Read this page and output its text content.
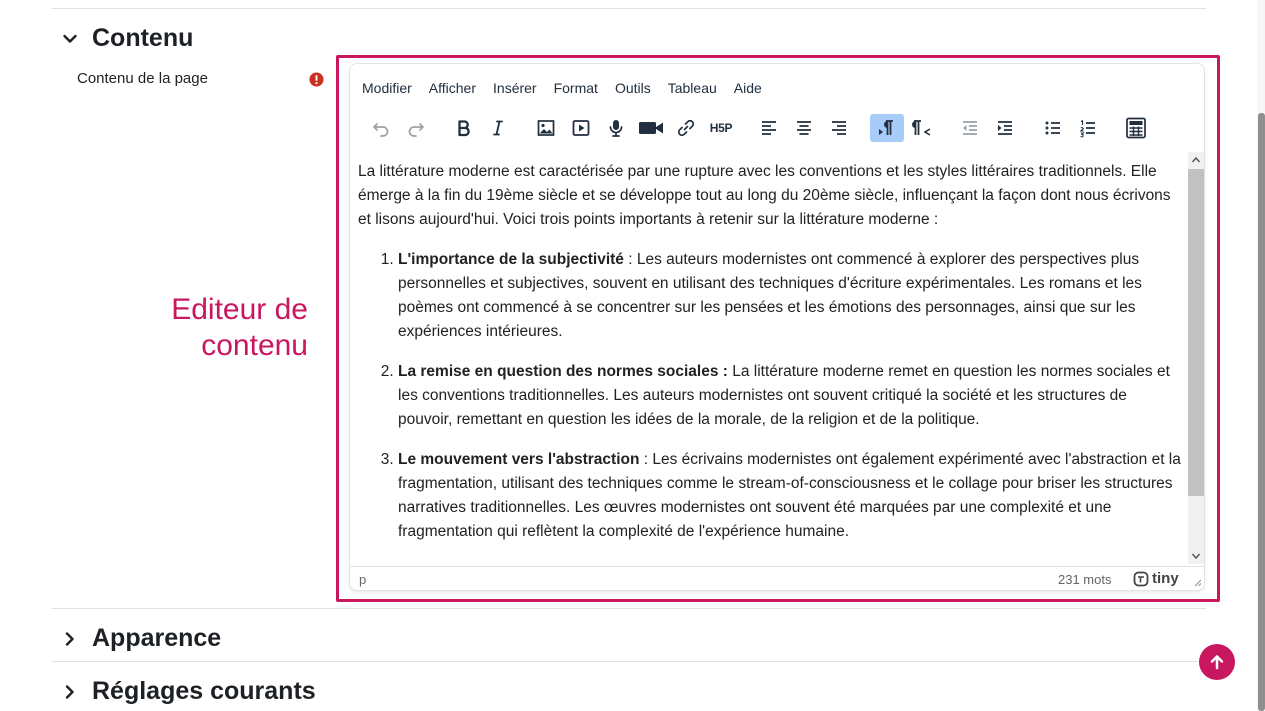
Contenu
Contenu de la page
Editeur de
contenu
Modifier Afficher Insérer Format Outils Tableau Aide
H5P

La littérature moderne est caractérisée par une rupture avec les conventions et les styles littéraires traditionnels. Elle émerge à la fin du 19ème siècle et se développe tout au long du 20ème siècle, influençant la façon dont nous écrivons et lisons aujourd'hui. Voici trois points importants à retenir sur la littérature moderne :

1. L'importance de la subjectivité : Les auteurs modernistes ont commencé à explorer des perspectives plus personnelles et subjectives, souvent en utilisant des techniques d'écriture expérimentales. Les romans et les poèmes ont commencé à se concentrer sur les pensées et les émotions des personnages, ainsi que sur les expériences intérieures.
2. La remise en question des normes sociales : La littérature moderne remet en question les normes sociales et les conventions traditionnelles. Les auteurs modernistes ont souvent critiqué la société et les structures de pouvoir, remettant en question les idées de la morale, de la religion et de la politique.
3. Le mouvement vers l'abstraction : Les écrivains modernistes ont également expérimenté avec l'abstraction et la fragmentation, utilisant des techniques comme le stream-of-consciousness et le collage pour briser les structures narratives traditionnelles. Les œuvres modernistes ont souvent été marquées par une complexité et une fragmentation qui reflètent la complexité de l'expérience humaine.
p	231 mots	tiny
Apparence
Réglages courants
